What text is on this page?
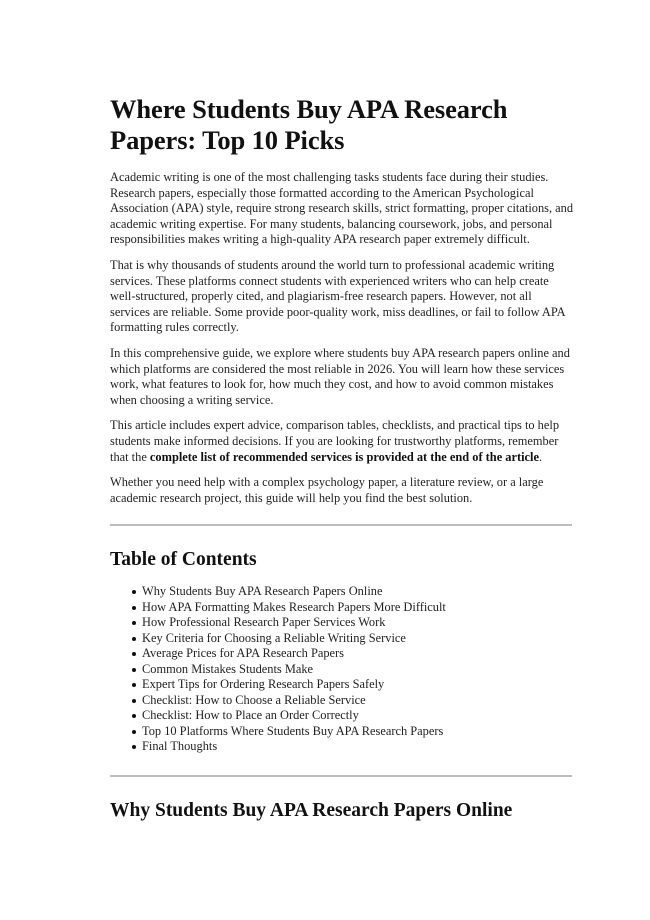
Where Students Buy APA Research Papers: Top 10 Picks

Academic writing is one of the most challenging tasks students face during their studies. Research papers, especially those formatted according to the American Psychological Association (APA) style, require strong research skills, strict formatting, proper citations, and academic writing expertise. For many students, balancing coursework, jobs, and personal responsibilities makes writing a high-quality APA research paper extremely difficult.

That is why thousands of students around the world turn to professional academic writing services. These platforms connect students with experienced writers who can help create well-structured, properly cited, and plagiarism-free research papers. However, not all services are reliable. Some provide poor-quality work, miss deadlines, or fail to follow APA formatting rules correctly.

In this comprehensive guide, we explore where students buy APA research papers online and which platforms are considered the most reliable in 2026. You will learn how these services work, what features to look for, how much they cost, and how to avoid common mistakes when choosing a writing service.

This article includes expert advice, comparison tables, checklists, and practical tips to help students make informed decisions. If you are looking for trustworthy platforms, remember that the complete list of recommended services is provided at the end of the article.

Whether you need help with a complex psychology paper, a literature review, or a large academic research project, this guide will help you find the best solution.

Table of Contents
Why Students Buy APA Research Papers Online
How APA Formatting Makes Research Papers More Difficult
How Professional Research Paper Services Work
Key Criteria for Choosing a Reliable Writing Service
Average Prices for APA Research Papers
Common Mistakes Students Make
Expert Tips for Ordering Research Papers Safely
Checklist: How to Choose a Reliable Service
Checklist: How to Place an Order Correctly
Top 10 Platforms Where Students Buy APA Research Papers
Final Thoughts
Why Students Buy APA Research Papers Online
